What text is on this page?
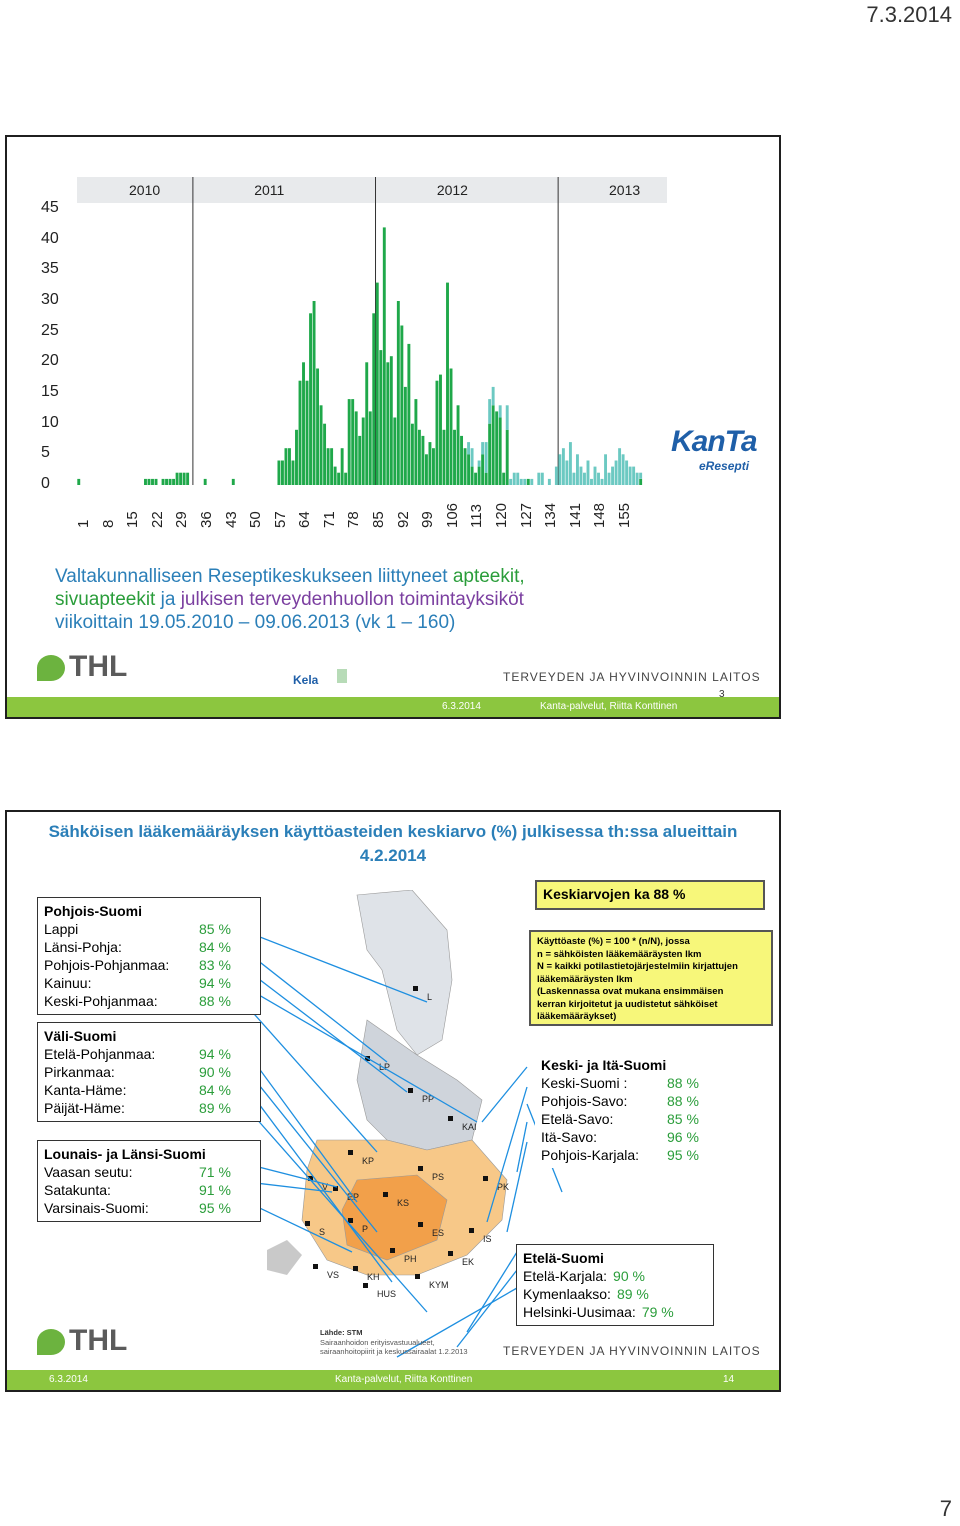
7.3.2014
45
40
35
30
25
20
15
10
5
0
2010	2011	2012	2013
1 8 15 22 29 36 43 50 57 64 71 78 85 92 99 106 113 120 127 134 141 148 155
KanTa
eResepti
Valtakunnalliseen Reseptikeskukseen liittyneet apteekit,
sivuapteekit ja julkisen terveydenhuollon toimintayksiköt
viikoittain 19.05.2010 – 09.06.2013 (vk 1 – 160)
THL	Kela	TERVEYDEN JA HYVINVOINNIN LAITOS
6.3.2014	Kanta-palvelut, Riitta Konttinen
3
Sähköisen lääkemääräyksen käyttöasteiden keskiarvo (%) julkisessa th:ssa alueittain 4.2.2014
L
LP
PP
KAI
KP
V
EP
KS
PS
PK
S	P	ES
IS
VS	KH
PH
KYM
EK
HUS
Pohjois-Suomi
Lappi	85 %
Länsi-Pohja:	84 %
Pohjois-Pohjanmaa:	83 %
Kainuu:	94 %
Keski-Pohjanmaa:	88 %
Väli-Suomi
Etelä-Pohjanmaa:	94 %
Pirkanmaa:	90 %
Kanta-Häme:	84 %
Päijät-Häme:	89 %
Lounais- ja Länsi-Suomi
Vaasan seutu:	71 %
Satakunta:	91 %
Varsinais-Suomi:	95 %
Keskiarvojen ka 88 %
Käyttöaste (%) = 100 * (n/N), jossa
n = sähköisten lääkemääräysten lkm
N = kaikki potilastietojärjestelmiin kirjattujen
lääkemääräysten lkm
(Laskennassa ovat mukana ensimmäisen
kerran kirjoitetut ja uudistetut sähköiset
lääkemääräykset)
Keski- ja Itä-Suomi
Keski-Suomi :	88 %
Pohjois-Savo:	88 %
Etelä-Savo:	85 %
Itä-Savo:	96 %
Pohjois-Karjala:	95 %
Etelä-Suomi
Etelä-Karjala: 90 %
Kymenlaakso: 89 %
Helsinki-Uusimaa: 79 %
Lähde: STM
Sairaanhoidon erityisvastuualueet,
sairaanhoitopiirit ja keskussairaalat 1.2.2013
THL	TERVEYDEN JA HYVINVOINNIN LAITOS
6.3.2014	Kanta-palvelut, Riitta Konttinen	14
7
